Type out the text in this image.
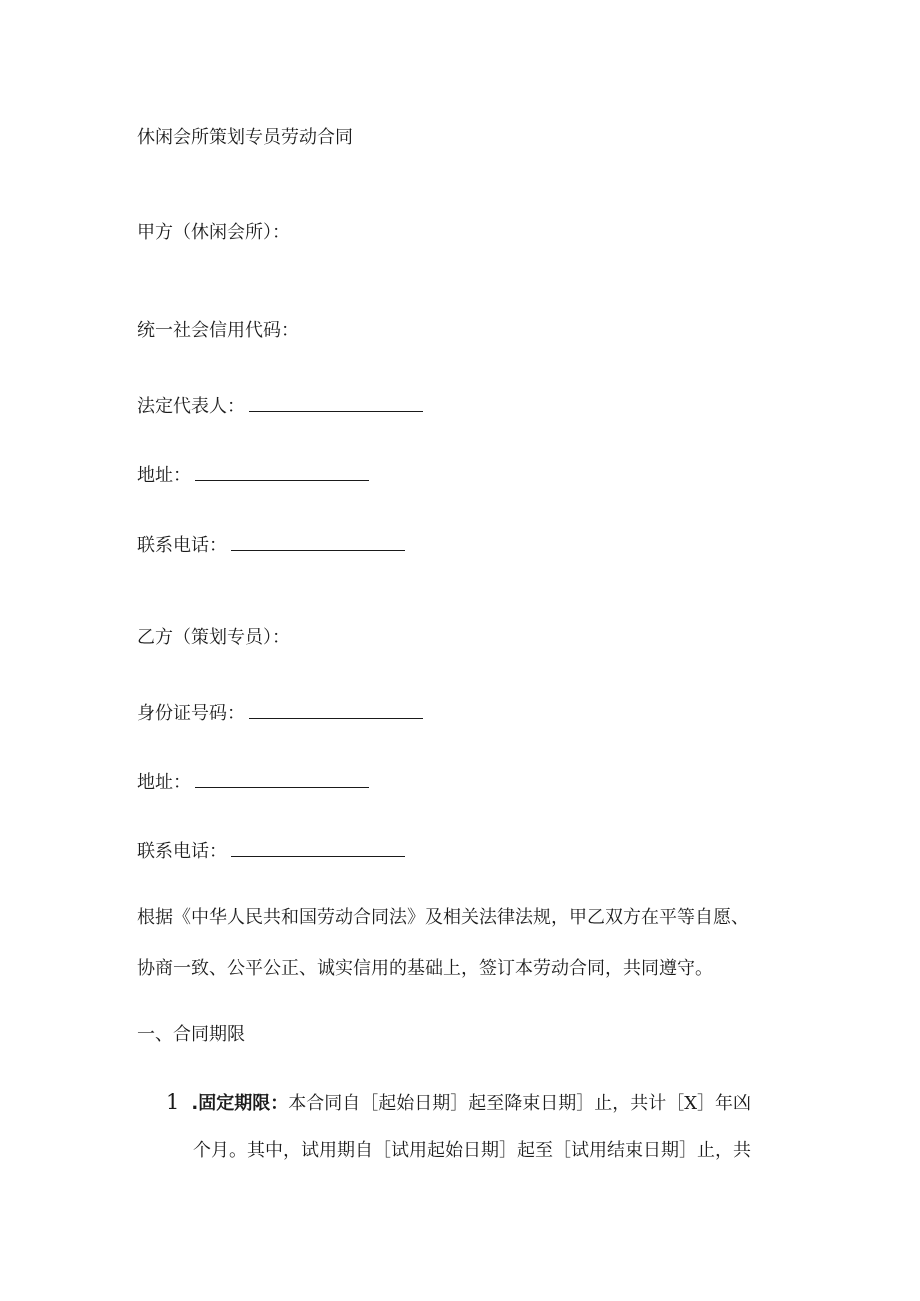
休闲会所策划专员劳动合同
甲方（休闲会所）：
统一社会信用代码：
法定代表人：
地址：
联系电话：
乙方（策划专员）：
身份证号码：
地址：
联系电话：
根据《中华人民共和国劳动合同法》及相关法律法规，甲乙双方在平等自愿、
协商一致、公平公正、诚实信用的基础上，签订本劳动合同，共同遵守。
一、合同期限
1 .固定期限：本合同自［起始日期］起至降束日期］止，共计［X］年凶
个月。其中，试用期自［试用起始日期］起至［试用结束日期］止，共
